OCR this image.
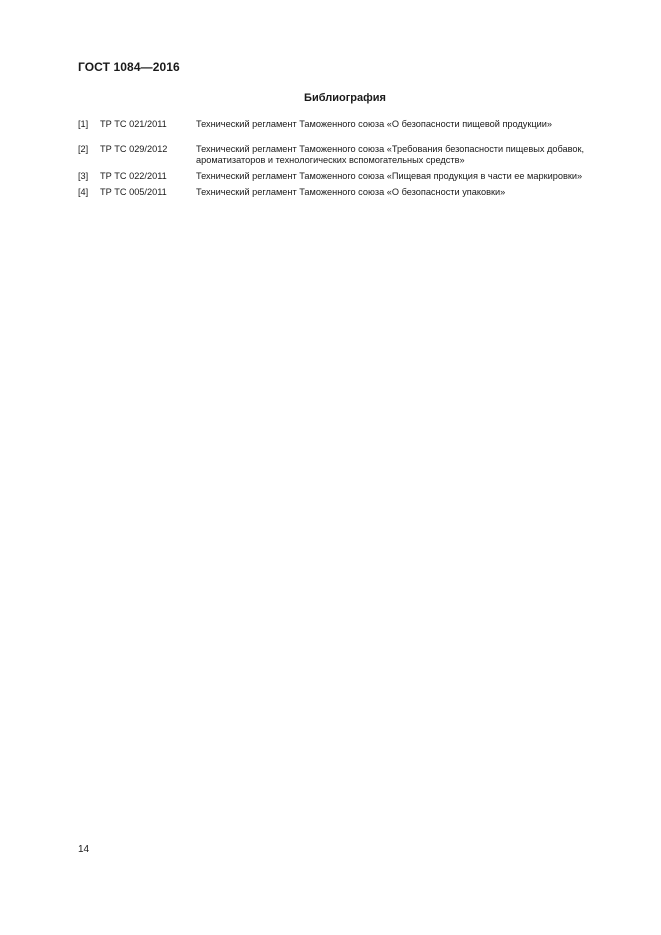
ГОСТ 1084—2016
Библиография
[1] ТР ТС 021/2011	Технический регламент Таможенного союза «О безопасности пищевой продукции»
[2] ТР ТС 029/2012	Технический регламент Таможенного союза «Требования безопасности пищевых добавок, ароматизаторов и технологических вспомогательных средств»
[3] ТР ТС 022/2011	Технический регламент Таможенного союза «Пищевая продукция в части ее маркировки»
[4] ТР ТС 005/2011	Технический регламент Таможенного союза «О безопасности упаковки»
14
